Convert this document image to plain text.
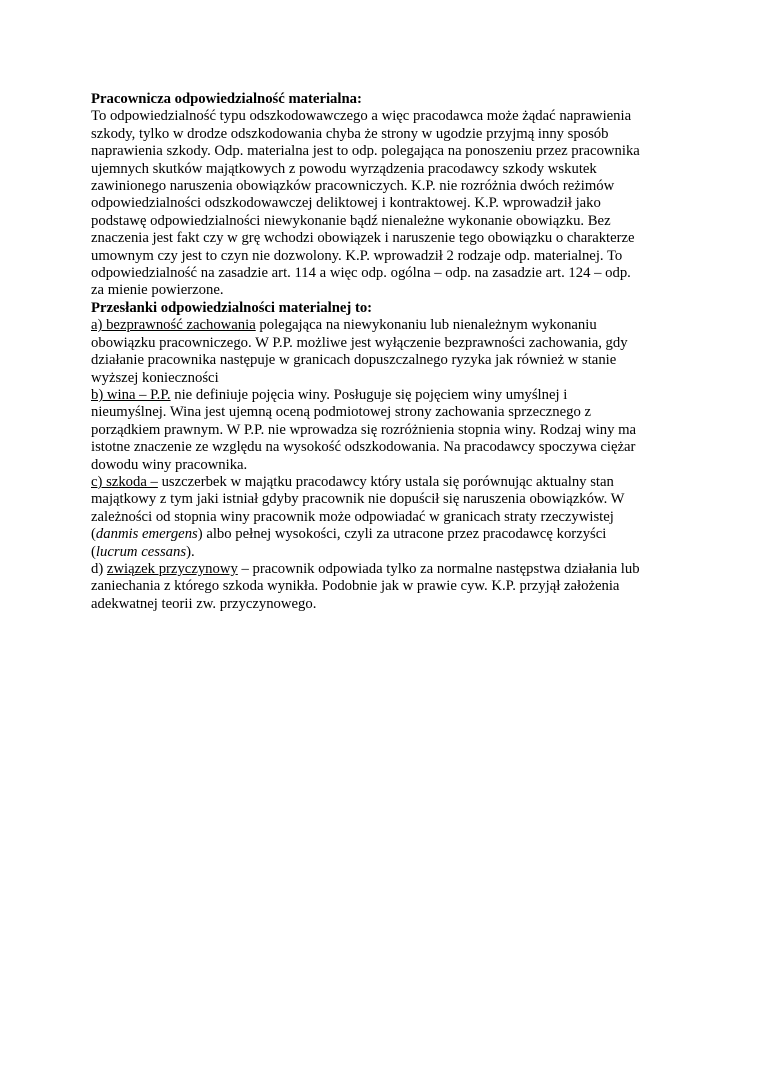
Pracownicza odpowiedzialność materialna:
To odpowiedzialność typu odszkodowawczego a więc pracodawca może żądać naprawienia
szkody, tylko w drodze odszkodowania chyba że strony w ugodzie przyjmą inny sposób
naprawienia szkody. Odp. materialna jest to odp. polegająca na ponoszeniu przez pracownika
ujemnych skutków majątkowych z powodu wyrządzenia pracodawcy szkody wskutek
zawinionego naruszenia obowiązków pracowniczych. K.P. nie rozróżnia dwóch reżimów
odpowiedzialności odszkodowawczej deliktowej i kontraktowej. K.P. wprowadził jako
podstawę odpowiedzialności niewykonanie bądź nienależne wykonanie obowiązku. Bez
znaczenia jest fakt czy w grę wchodzi obowiązek i naruszenie tego obowiązku o charakterze
umownym czy jest to czyn nie dozwolony. K.P. wprowadził 2 rodzaje odp. materialnej. To
odpowiedzialność na zasadzie art. 114 a więc odp. ogólna – odp. na zasadzie art. 124 – odp.
za mienie powierzone.
Przesłanki odpowiedzialności materialnej to:
a) bezprawność zachowania polegająca na niewykonaniu lub nienależnym wykonaniu
obowiązku pracowniczego. W P.P. możliwe jest wyłączenie bezprawności zachowania, gdy
działanie pracownika następuje w granicach dopuszczalnego ryzyka jak również w stanie
wyższej konieczności
b) wina – P.P. nie definiuje pojęcia winy. Posługuje się pojęciem winy umyślnej i
nieumyślnej. Wina jest ujemną oceną podmiotowej strony zachowania sprzecznego z
porządkiem prawnym. W P.P. nie wprowadza się rozróżnienia stopnia winy. Rodzaj winy ma
istotne znaczenie ze względu na wysokość odszkodowania. Na pracodawcy spoczywa ciężar
dowodu winy pracownika.
c) szkoda – uszczerbek w majątku pracodawcy który ustala się porównując aktualny stan
majątkowy z tym jaki istniał gdyby pracownik nie dopuścił się naruszenia obowiązków. W
zależności od stopnia winy pracownik może odpowiadać w granicach straty rzeczywistej
(danmis emergens) albo pełnej wysokości, czyli za utracone przez pracodawcę korzyści
(lucrum cessans).
d) związek przyczynowy – pracownik odpowiada tylko za normalne następstwa działania lub
zaniechania z którego szkoda wynikła. Podobnie jak w prawie cyw. K.P. przyjął założenia
adekwatnej teorii zw. przyczynowego.
